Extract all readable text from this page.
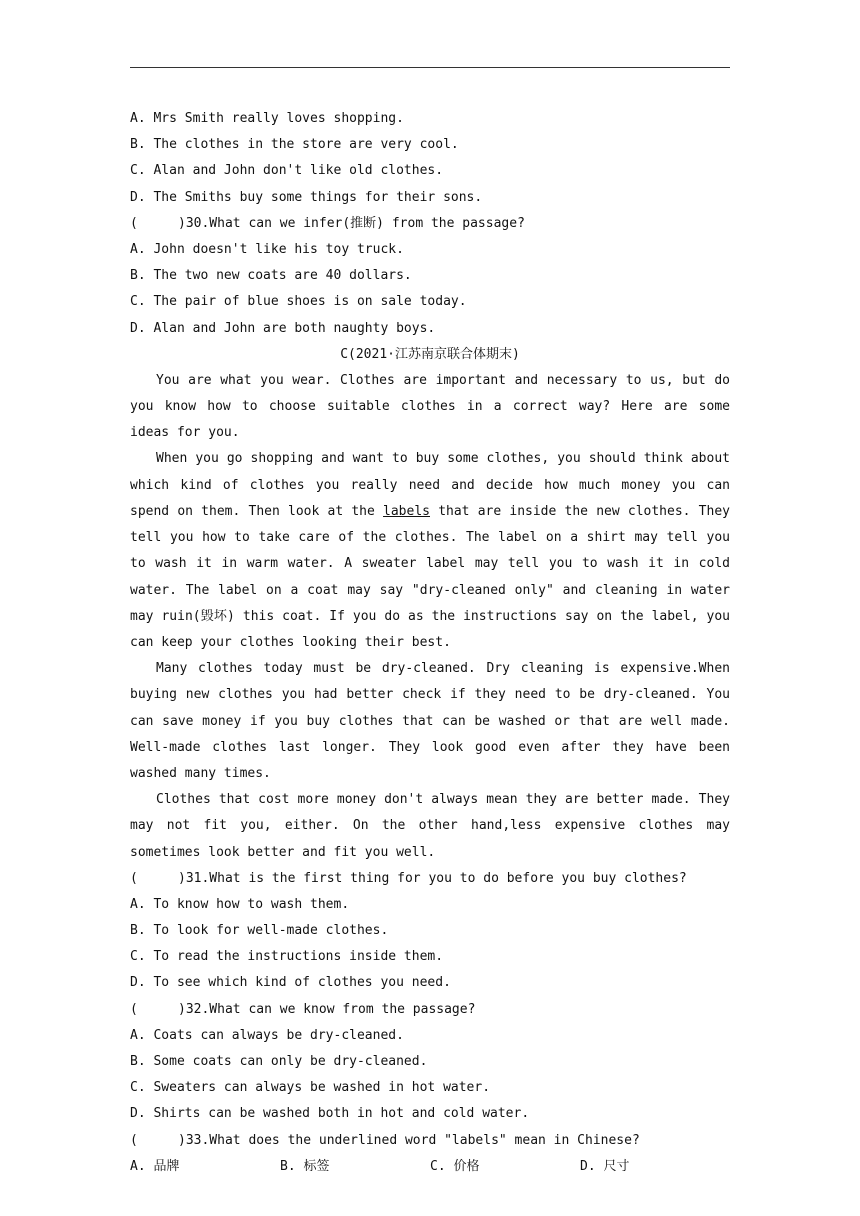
A. Mrs Smith really loves shopping.
B. The clothes in the store are very cool.
C. Alan and John don't like old clothes.
D. The Smiths buy some things for their sons.
(	)30.What can we infer(推断) from the passage?
A. John doesn't like his toy truck.
B. The two new coats are 40 dollars.
C. The pair of blue shoes is on sale today.
D. Alan and John are both naughty boys.
C(2021·江苏南京联合体期末)
You are what you wear. Clothes are important and necessary to us, but do you know how to choose suitable clothes in a correct way? Here are some ideas for you.
When you go shopping and want to buy some clothes, you should think about which kind of clothes you really need and decide how much money you can spend on them. Then look at the labels that are inside the new clothes. They tell you how to take care of the clothes. The label on a shirt may tell you to wash it in warm water. A sweater label may tell you to wash it in cold water. The label on a coat may say "dry-cleaned only" and cleaning in water may ruin(毁坏) this coat. If you do as the instructions say on the label, you can keep your clothes looking their best.
Many clothes today must be dry-cleaned. Dry cleaning is expensive.When buying new clothes you had better check if they need to be dry-cleaned. You can save money if you buy clothes that can be washed or that are well made. Well-made clothes last longer. They look good even after they have been washed many times.
Clothes that cost more money don't always mean they are better made. They may not fit you, either. On the other hand,less expensive clothes may sometimes look better and fit you well.
(	)31.What is the first thing for you to do before you buy clothes?
A. To know how to wash them.
B. To look for well-made clothes.
C. To read the instructions inside them.
D. To see which kind of clothes you need.
(	)32.What can we know from the passage?
A. Coats can always be dry-cleaned.
B. Some coats can only be dry-cleaned.
C. Sweaters can always be washed in hot water.
D. Shirts can be washed both in hot and cold water.
(	)33.What does the underlined word "labels" mean in Chinese?
A. 品牌	B. 标签	C. 价格	D. 尺寸
